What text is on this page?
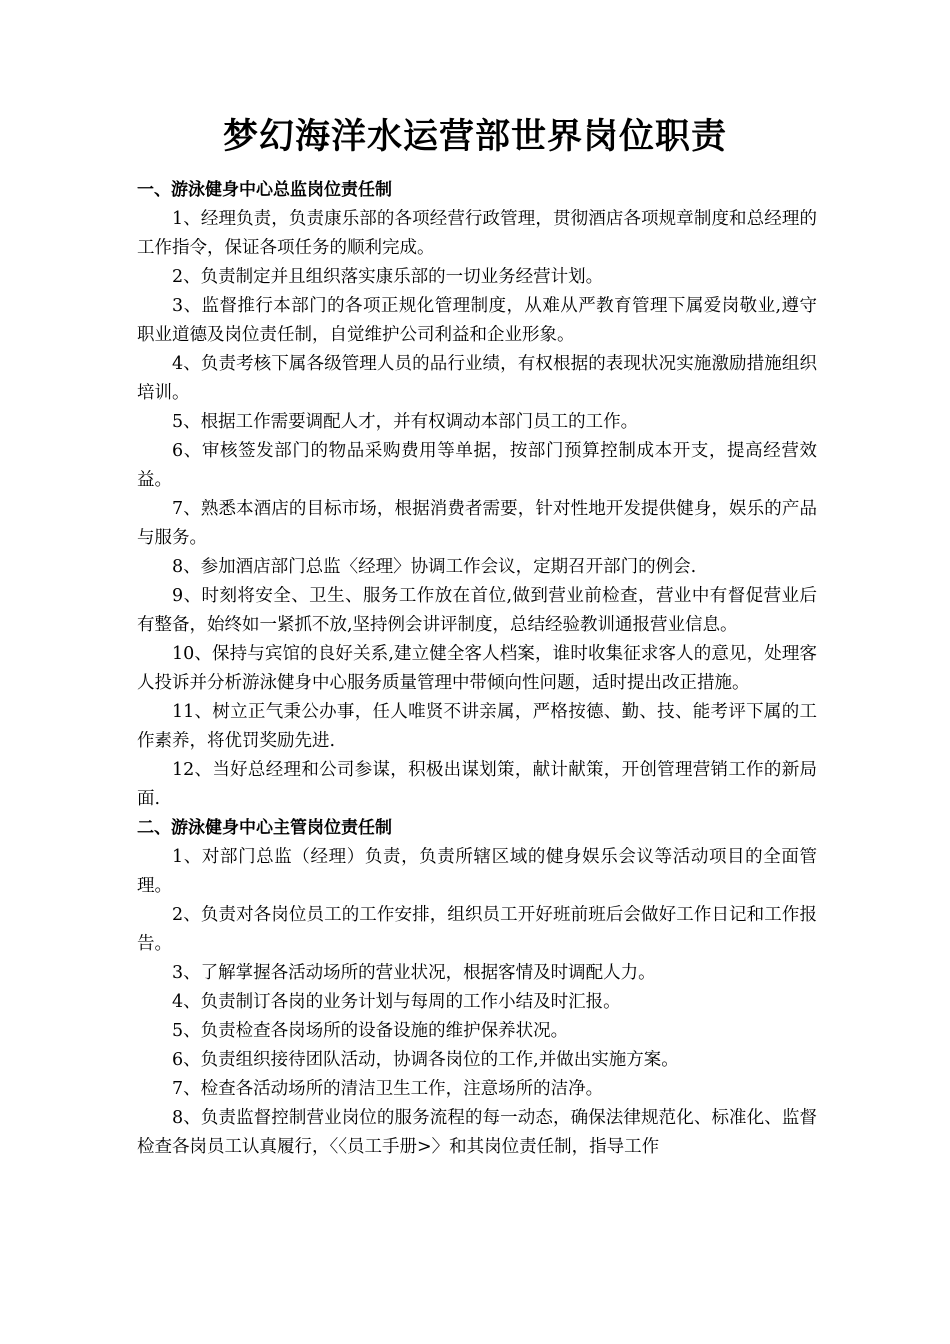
梦幻海洋水运营部世界岗位职责

一、游泳健身中心总监岗位责任制

1、经理负责，负责康乐部的各项经营行政管理，贯彻酒店各项规章制度和总经理的工作指令，保证各项任务的顺利完成。

2、负责制定并且组织落实康乐部的一切业务经营计划。

3、监督推行本部门的各项正规化管理制度，从难从严教育管理下属爱岗敬业,遵守职业道德及岗位责任制，自觉维护公司利益和企业形象。

4、负责考核下属各级管理人员的品行业绩，有权根据的表现状况实施激励措施组织培训。

5、根据工作需要调配人才，并有权调动本部门员工的工作。

6、审核签发部门的物品采购费用等单据，按部门预算控制成本开支，提高经营效益。

7、熟悉本酒店的目标市场，根据消费者需要，针对性地开发提供健身，娱乐的产品与服务。

8、参加酒店部门总监〈经理〉协调工作会议，定期召开部门的例会.

9、时刻将安全、卫生、服务工作放在首位,做到营业前检查，营业中有督促营业后有整备，始终如一紧抓不放,坚持例会讲评制度，总结经验教训通报营业信息。

10、保持与宾馆的良好关系,建立健全客人档案，谁时收集征求客人的意见，处理客人投诉并分析游泳健身中心服务质量管理中带倾向性问题，适时提出改正措施。

11、树立正气秉公办事，任人唯贤不讲亲属，严格按德、勤、技、能考评下属的工作素养，将优罚奖励先进.

12、当好总经理和公司参谋，积极出谋划策，献计献策，开创管理营销工作的新局面.

二、游泳健身中心主管岗位责任制

1、对部门总监（经理）负责，负责所辖区域的健身娱乐会议等活动项目的全面管理。

2、负责对各岗位员工的工作安排，组织员工开好班前班后会做好工作日记和工作报告。

3、了解掌握各活动场所的营业状况，根据客情及时调配人力。

4、负责制订各岗的业务计划与每周的工作小结及时汇报。

5、负责检查各岗场所的设备设施的维护保养状况。

6、负责组织接待团队活动，协调各岗位的工作,并做出实施方案。

7、检查各活动场所的清洁卫生工作，注意场所的洁净。

8、负责监督控制营业岗位的服务流程的每一动态，确保法律规范化、标准化、监督检查各岗员工认真履行，〈〈员工手册>〉和其岗位责任制，指导工作
